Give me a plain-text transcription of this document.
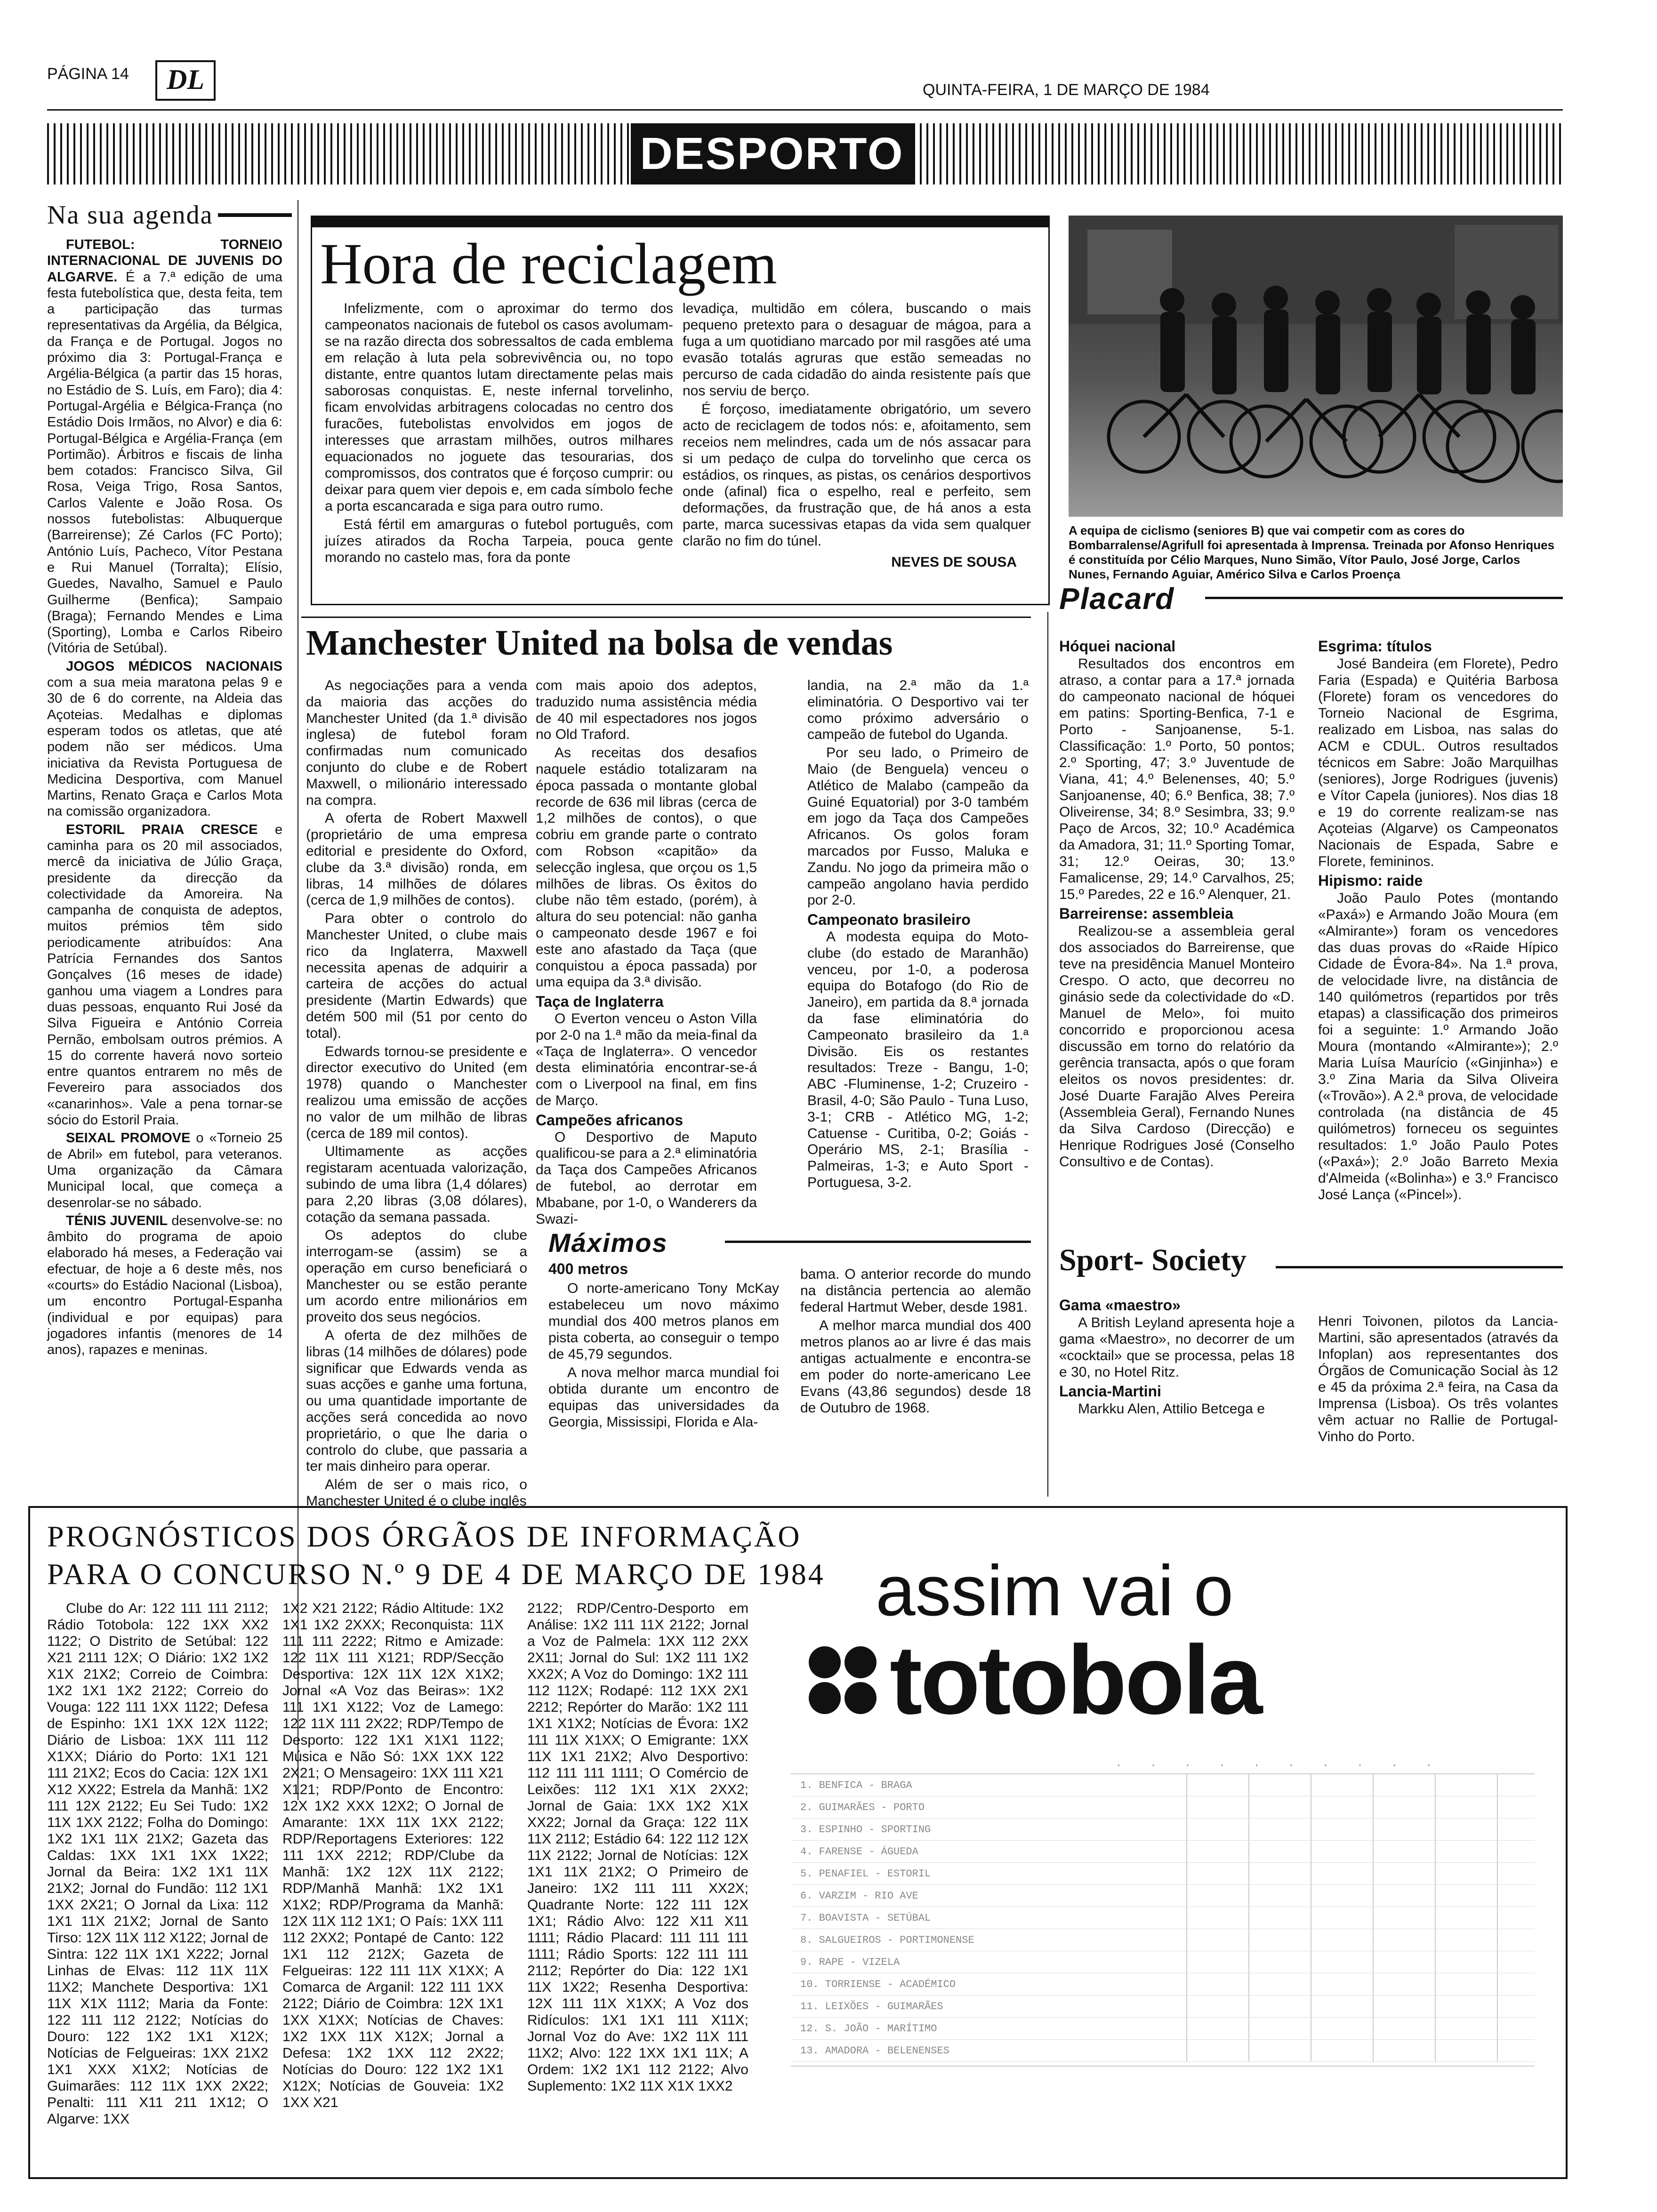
PÁGINA 14	DL	QUINTA-FEIRA, 1 DE MARÇO DE 1984
DESPORTO
Na sua agenda

FUTEBOL: TORNEIO INTERNACIONAL DE JUVENIS DO ALGARVE. É a 7.ª edição de uma festa futebolística que, desta feita, tem a participação das turmas representativas da Argélia, da Bélgica, da França e de Portugal. Jogos no próximo dia 3: Portugal-França e Argélia-Bélgica (a partir das 15 horas, no Estádio de S. Luís, em Faro); dia 4: Portugal-Argélia e Bélgica-França (no Estádio Dois Irmãos, no Alvor) e dia 6: Portugal-Bélgica e Argélia-França (em Portimão). Árbitros e fiscais de linha bem cotados: Francisco Silva, Gil Rosa, Veiga Trigo, Rosa Santos, Carlos Valente e João Rosa. Os nossos futebolistas: Albuquerque (Barreirense); Zé Carlos (FC Porto); António Luís, Pacheco, Vítor Pestana e Rui Manuel (Torralta); Elísio, Guedes, Navalho, Samuel e Paulo Guilherme (Benfica); Sampaio (Braga); Fernando Mendes e Lima (Sporting), Lomba e Carlos Ribeiro (Vitória de Setúbal).

JOGOS MÉDICOS NACIONAIS com a sua meia maratona pelas 9 e 30 de 6 do corrente, na Aldeia das Açoteias. Medalhas e diplomas esperam todos os atletas, que até podem não ser médicos. Uma iniciativa da Revista Portuguesa de Medicina Desportiva, com Manuel Martins, Renato Graça e Carlos Mota na comissão organizadora.

ESTORIL PRAIA CRESCE e caminha para os 20 mil associados, mercê da iniciativa de Júlio Graça, presidente da direcção da colectividade da Amoreira. Na campanha de conquista de adeptos, muitos prémios têm sido periodicamente atribuídos: Ana Patrícia Fernandes dos Santos Gonçalves (16 meses de idade) ganhou uma viagem a Londres para duas pessoas, enquanto Rui José da Silva Figueira e António Correia Pernão, embolsam outros prémios. A 15 do corrente haverá novo sorteio entre quantos entrarem no mês de Fevereiro para associados dos «canarinhos». Vale a pena tornar-se sócio do Estoril Praia.

SEIXAL PROMOVE o «Torneio 25 de Abril» em futebol, para veteranos. Uma organização da Câmara Municipal local, que começa a desenrolar-se no sábado.

TÉNIS JUVENIL desenvolve-se: no âmbito do programa de apoio elaborado há meses, a Federação vai efectuar, de hoje a 6 deste mês, nos «courts» do Estádio Nacional (Lisboa), um encontro Portugal-Espanha (individual e por equipas) para jogadores infantis (menores de 14 anos), rapazes e meninas.

Hora de reciclagem

Infelizmente, com o aproximar do termo dos campeonatos nacionais de futebol os casos avolumam-se na razão directa dos sobressaltos de cada emblema em relação à luta pela sobrevivência ou, no topo distante, entre quantos lutam directamente pelas mais saborosas conquistas. E, neste infernal torvelinho, ficam envolvidas arbitragens colocadas no centro dos furacões, futebolistas envolvidos em jogos de interesses que arrastam milhões, outros milhares equacionados no joguete das tesourarias, dos compromissos, dos contratos que é forçoso cumprir: ou deixar para quem vier depois e, em cada símbolo feche a porta escancarada e siga para outro rumo.

Está fértil em amarguras o futebol português, com juízes atirados da Rocha Tarpeia, pouca gente morando no castelo mas, fora da ponte

levadiça, multidão em cólera, buscando o mais pequeno pretexto para o desaguar de mágoa, para a fuga a um quotidiano marcado por mil rasgões até uma evasão totalás agruras que estão semeadas no percurso de cada cidadão do ainda resistente país que nos serviu de berço.

É forçoso, imediatamente obrigatório, um severo acto de reciclagem de todos nós: e, afoitamento, sem receios nem melindres, cada um de nós assacar para si um pedaço de culpa do torvelinho que cerca os estádios, os rinques, as pistas, os cenários desportivos onde (afinal) fica o espelho, real e perfeito, sem deformações, da frustração que, de há anos a esta parte, marca sucessivas etapas da vida sem qualquer clarão no fim do túnel.

NEVES DE SOUSA
A equipa de ciclismo (seniores B) que vai competir com as cores do Bombarralense/Agrifull foi apresentada à Imprensa. Treinada por Afonso Henriques é constituída por Célio Marques, Nuno Simão, Vítor Paulo, José Jorge, Carlos Nunes, Fernando Aguiar, Américo Silva e Carlos Proença
Manchester United na bolsa de vendas

As negociações para a venda da maioria das acções do Manchester United (da 1.ª divisão inglesa) de futebol foram confirmadas num comunicado conjunto do clube e de Robert Maxwell, o milionário interessado na compra.

A oferta de Robert Maxwell (proprietário de uma empresa editorial e presidente do Oxford, clube da 3.ª divisão) ronda, em libras, 14 milhões de dólares (cerca de 1,9 milhões de contos).

Para obter o controlo do Manchester United, o clube mais rico da Inglaterra, Maxwell necessita apenas de adquirir a carteira de acções do actual presidente (Martin Edwards) que detém 500 mil (51 por cento do total).

Edwards tornou-se presidente e director executivo do United (em 1978) quando o Manchester realizou uma emissão de acções no valor de um milhão de libras (cerca de 189 mil contos).

Ultimamente as acções registaram acentuada valorização, subindo de uma libra (1,4 dólares) para 2,20 libras (3,08 dólares), cotação da semana passada.

Os adeptos do clube interrogam-se (assim) se a operação em curso beneficiará o Manchester ou se estão perante um acordo entre milionários em proveito dos seus negócios.

A oferta de dez milhões de libras (14 milhões de dólares) pode significar que Edwards venda as suas acções e ganhe uma fortuna, ou uma quantidade importante de acções será concedida ao novo proprietário, o que lhe daria o controlo do clube, que passaria a ter mais dinheiro para operar.

Além de ser o mais rico, o Manchester United é o clube inglês

com mais apoio dos adeptos, traduzido numa assistência média de 40 mil espectadores nos jogos no Old Traford.

As receitas dos desafios naquele estádio totalizaram na época passada o montante global recorde de 636 mil libras (cerca de 1,2 milhões de contos), o que cobriu em grande parte o contrato com Robson «capitão» da selecção inglesa, que orçou os 1,5 milhões de libras. Os êxitos do clube não têm estado, (porém), à altura do seu potencial: não ganha o campeonato desde 1967 e foi este ano afastado da Taça (que conquistou a época passada) por uma equipa da 3.ª divisão.

Taça de Inglaterra

O Everton venceu o Aston Villa por 2-0 na 1.ª mão da meia-final da «Taça de Inglaterra». O vencedor desta eliminatória encontrar-se-á com o Liverpool na final, em fins de Março.

Campeões africanos

O Desportivo de Maputo qualificou-se para a 2.ª eliminatória da Taça dos Campeões Africanos de futebol, ao derrotar em Mbabane, por 1-0, o Wanderers da Swazi-

landia, na 2.ª mão da 1.ª eliminatória. O Desportivo vai ter como próximo adversário o campeão de futebol do Uganda.

Por seu lado, o Primeiro de Maio (de Benguela) venceu o Atlético de Malabo (campeão da Guiné Equatorial) por 3-0 também em jogo da Taça dos Campeões Africanos. Os golos foram marcados por Fusso, Maluka e Zandu. No jogo da primeira mão o campeão angolano havia perdido por 2-0.

Campeonato brasileiro

A modesta equipa do Moto-clube (do estado de Maranhão) venceu, por 1-0, a poderosa equipa do Botafogo (do Rio de Janeiro), em partida da 8.ª jornada da fase eliminatória do Campeonato brasileiro da 1.ª Divisão. Eis os restantes resultados: Treze - Bangu, 1-0; ABC -Fluminense, 1-2; Cruzeiro -Brasil, 4-0; São Paulo - Tuna Luso, 3-1; CRB - Atlético MG, 1-2; Catuense - Curitiba, 0-2; Goiás - Operário MS, 2-1; Brasília - Palmeiras, 1-3; e Auto Sport - Portuguesa, 3-2.

Máximos
400 metros

O norte-americano Tony McKay estabeleceu um novo máximo mundial dos 400 metros planos em pista coberta, ao conseguir o tempo de 45,79 segundos.

A nova melhor marca mundial foi obtida durante um encontro de equipas das universidades da Georgia, Mississipi, Florida e Ala-

bama. O anterior recorde do mundo na distância pertencia ao alemão federal Hartmut Weber, desde 1981.

A melhor marca mundial dos 400 metros planos ao ar livre é das mais antigas actualmente e encontra-se em poder do norte-americano Lee Evans (43,86 segundos) desde 18 de Outubro de 1968.

Placard
Hóquei nacional

Resultados dos encontros em atraso, a contar para a 17.ª jornada do campeonato nacional de hóquei em patins: Sporting-Benfica, 7-1 e Porto - Sanjoanense, 5-1. Classificação: 1.º Porto, 50 pontos; 2.º Sporting, 47; 3.º Juventude de Viana, 41; 4.º Belenenses, 40; 5.º Sanjoanense, 40; 6.º Benfica, 38; 7.º Oliveirense, 34; 8.º Sesimbra, 33; 9.º Paço de Arcos, 32; 10.º Académica da Amadora, 31; 11.º Sporting Tomar, 31; 12.º Oeiras, 30; 13.º Famalicense, 29; 14.º Carvalhos, 25; 15.º Paredes, 22 e 16.º Alenquer, 21.

Barreirense: assembleia

Realizou-se a assembleia geral dos associados do Barreirense, que teve na presidência Manuel Monteiro Crespo. O acto, que decorreu no ginásio sede da colectividade do «D. Manuel de Melo», foi muito concorrido e proporcionou acesa discussão em torno do relatório da gerência transacta, após o que foram eleitos os novos presidentes: dr. José Duarte Farajão Alves Pereira (Assembleia Geral), Fernando Nunes da Silva Cardoso (Direcção) e Henrique Rodrigues José (Conselho Consultivo e de Contas).

Esgrima: títulos

José Bandeira (em Florete), Pedro Faria (Espada) e Quitéria Barbosa (Florete) foram os vencedores do Torneio Nacional de Esgrima, realizado em Lisboa, nas salas do ACM e CDUL. Outros resultados técnicos em Sabre: João Marquilhas (seniores), Jorge Rodrigues (juvenis) e Vítor Capela (juniores). Nos dias 18 e 19 do corrente realizam-se nas Açoteias (Algarve) os Campeonatos Nacionais de Espada, Sabre e Florete, femininos.

Hipismo: raide

João Paulo Potes (montando «Paxá») e Armando João Moura (em «Almirante») foram os vencedores das duas provas do «Raide Hípico Cidade de Évora-84». Na 1.ª prova, de velocidade livre, na distância de 140 quilómetros (repartidos por três etapas) a classificação dos primeiros foi a seguinte: 1.º Armando João Moura (montando «Almirante»); 2.º Maria Luísa Maurício («Ginjinha») e 3.º Zina Maria da Silva Oliveira («Trovão»). A 2.ª prova, de velocidade controlada (na distância de 45 quilómetros) forneceu os seguintes resultados: 1.º João Paulo Potes («Paxá»); 2.º João Barreto Mexia d'Almeida («Bolinha») e 3.º Francisco José Lança («Pincel»).

Sport- Society
Gama «maestro»

A British Leyland apresenta hoje a gama «Maestro», no decorrer de um «cocktail» que se processa, pelas 18 e 30, no Hotel Ritz.

Lancia-Martini

Markku Alen, Attilio Betcega e

Henri Toivonen, pilotos da Lancia-Martini, são apresentados (através da Infoplan) aos representantes dos Órgãos de Comunicação Social às 12 e 45 da próxima 2.ª feira, na Casa da Imprensa (Lisboa). Os três volantes vêm actuar no Rallie de Portugal-Vinho do Porto.

PROGNÓSTICOS DOS ÓRGÃOS DE INFORMAÇÃO
PARA O CONCURSO N.º 9 DE 4 DE MARÇO DE 1984

Clube do Ar: 122 111 111 2112; Rádio Totobola: 122 1XX XX2 1122; O Distrito de Setúbal: 122 X21 2111 12X; O Diário: 1X2 1X2 X1X 21X2; Correio de Coimbra: 1X2 1X1 1X2 2122; Correio do Vouga: 122 111 1XX 1122; Defesa de Espinho: 1X1 1XX 12X 1122; Diário de Lisboa: 1XX 111 112 X1XX; Diário do Porto: 1X1 121 111 21X2; Ecos do Cacia: 12X 1X1 X12 XX22; Estrela da Manhã: 1X2 111 12X 2122; Eu Sei Tudo: 1X2 11X 1XX 2122; Folha do Domingo: 1X2 1X1 11X 21X2; Gazeta das Caldas: 1XX 1X1 1XX 1X22; Jornal da Beira: 1X2 1X1 11X 21X2; Jornal do Fundão: 112 1X1 1XX 2X21; O Jornal da Lixa: 112 1X1 11X 21X2; Jornal de Santo Tirso: 12X 11X 112 X122; Jornal de Sintra: 122 11X 1X1 X222; Jornal Linhas de Elvas: 112 11X 11X 11X2; Manchete Desportiva: 1X1 11X X1X 1112; Maria da Fonte: 122 111 112 2122; Notícias do Douro: 122 1X2 1X1 X12X; Notícias de Felgueiras: 1XX 21X2 1X1 XXX X1X2; Notícias de Guimarães: 112 11X 1XX 2X22; Penalti: 111 X11 211 1X12; O Algarve: 1XX

1X2 X21 2122; Rádio Altitude: 1X2 1X1 1X2 2XXX; Reconquista: 11X 111 111 2222; Ritmo e Amizade: 122 11X 111 X121; RDP/Secção Desportiva: 12X 11X 12X X1X2; Jornal «A Voz das Beiras»: 1X2 111 1X1 X122; Voz de Lamego: 122 11X 111 2X22; RDP/Tempo de Desporto: 122 1X1 X1X1 1122; Música e Não Só: 1XX 1XX 122 2X21; O Mensageiro: 1XX 111 X21 X121; RDP/Ponto de Encontro: 12X 1X2 XXX 12X2; O Jornal de Amarante: 1XX 11X 1XX 2122; RDP/Reportagens Exteriores: 122 111 1XX 2212; RDP/Clube da Manhã: 1X2 12X 11X 2122; RDP/Manhã Manhã: 1X2 1X1 X1X2; RDP/Programa da Manhã: 12X 11X 112 1X1; O País: 1XX 111 112 2XX2; Pontapé de Canto: 122 1X1 112 212X; Gazeta de Felgueiras: 122 111 11X X1XX; A Comarca de Arganil: 122 111 1XX 2122; Diário de Coimbra: 12X 1X1 1XX X1XX; Notícias de Chaves: 1X2 1XX 11X X12X; Jornal a Defesa: 1X2 1XX 112 2X22; Notícias do Douro: 122 1X2 1X1 X12X; Notícias de Gouveia: 1X2 1XX X21

2122; RDP/Centro-Desporto em Análise: 1X2 111 11X 2122; Jornal a Voz de Palmela: 1XX 112 2XX 2X11; Jornal do Sul: 1X2 111 1X2 XX2X; A Voz do Domingo: 1X2 111 112 112X; Rodapé: 112 1XX 2X1 2212; Repórter do Marão: 1X2 111 1X1 X1X2; Notícias de Évora: 1X2 111 11X X1XX; O Emigrante: 1XX 11X 1X1 21X2; Alvo Desportivo: 112 111 111 1111; O Comércio de Leixões: 112 1X1 X1X 2XX2; Jornal de Gaia: 1XX 1X2 X1X XX22; Jornal da Graça: 122 11X 11X 2112; Estádio 64: 122 112 12X 11X 2122; Jornal de Notícias: 12X 1X1 11X 21X2; O Primeiro de Janeiro: 1X2 111 111 XX2X; Quadrante Norte: 122 111 12X 1X1; Rádio Alvo: 122 X11 X11 1111; Rádio Placard: 111 111 111 1111; Rádio Sports: 122 111 111 2112; Repórter do Dia: 122 1X1 11X 1X22; Resenha Desportiva: 12X 111 11X X1XX; A Voz dos Ridículos: 1X1 1X1 111 X11X; Jornal Voz do Ave: 1X2 11X 111 11X2; Alvo: 122 1XX 1X1 11X; A Ordem: 1X2 1X1 112 2122; Alvo Suplemento: 1X2 11X X1X 1XX2

assim vai o
totobola
··········
1. BENFICA - BRAGA
2. GUIMARÃES - PORTO
3. ESPINHO - SPORTING
4. FARENSE - ÁGUEDA
5. PENAFIEL - ESTORIL
6. VARZIM - RIO AVE
7. BOAVISTA - SETÚBAL
8. SALGUEIROS - PORTIMONENSE
9. RAPE - VIZELA
10. TORRIENSE - ACADÉMICO
11. LEIXÕES - GUIMARÃES
12. S. JOÃO - MARÍTIMO
13. AMADORA - BELENENSES
